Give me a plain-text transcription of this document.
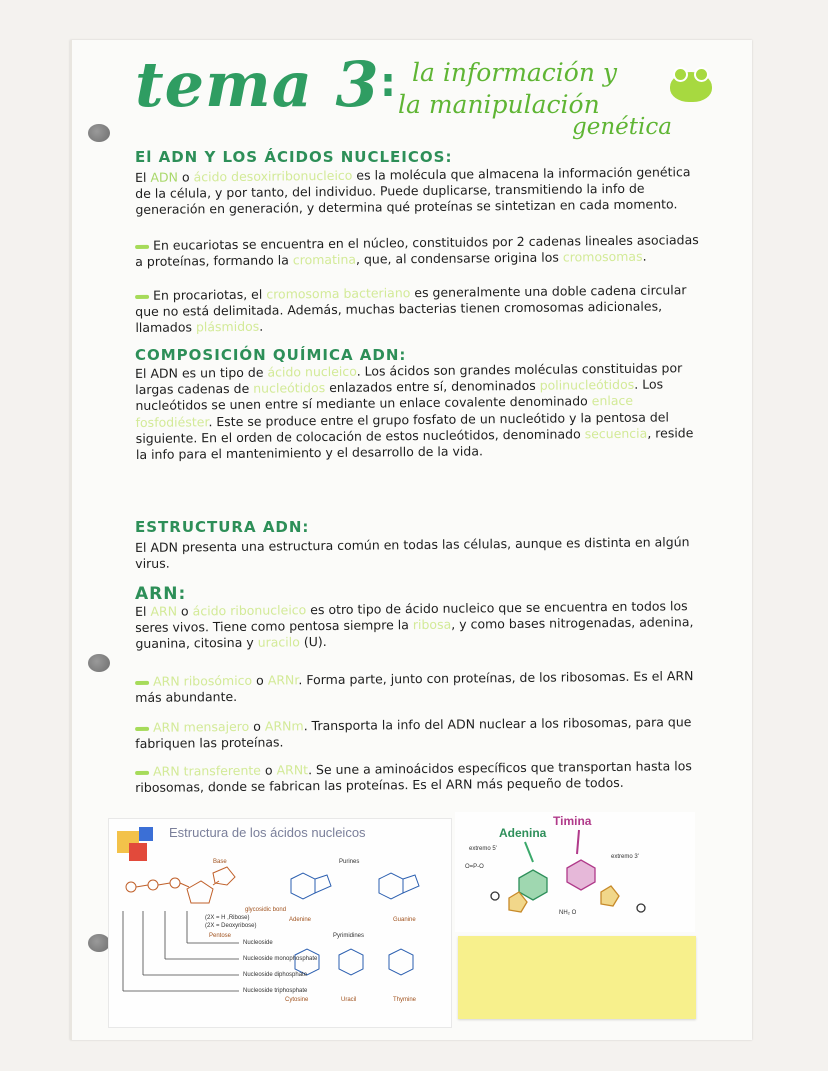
tema 3 : la información y
la manipulación
genética
El ADN Y LOS ÁCIDOS NUCLEICOS:
El ADN o ácido desoxirribonucleico es la molécula que almacena la información genética de la célula, y por tanto, del individuo. Puede duplicarse, transmitiendo la info de generación en generación, y determina qué proteínas se sintetizan en cada momento.
En eucariotas se encuentra en el núcleo, constituidos por 2 cadenas lineales asociadas a proteínas, formando la cromatina, que, al condensarse origina los cromosomas.
En procariotas, el cromosoma bacteriano es generalmente una doble cadena circular que no está delimitada. Además, muchas bacterias tienen cromosomas adicionales, llamados plásmidos.
COMPOSICIÓN QUÍMICA ADN:
El ADN es un tipo de ácido nucleico. Los ácidos son grandes moléculas constituidas por largas cadenas de nucleótidos enlazados entre sí, denominados polinucleótidos. Los nucleótidos se unen entre sí mediante un enlace covalente denominado enlace fosfodiéster. Este se produce entre el grupo fosfato de un nucleótido y la pentosa del siguiente. En el orden de colocación de estos nucleótidos, denominado secuencia, reside la info para el mantenimiento y el desarrollo de la vida.
ESTRUCTURA ADN:
El ADN presenta una estructura común en todas las células, aunque es distinta en algún virus.
ARN:
El ARN o ácido ribonucleico es otro tipo de ácido nucleico que se encuentra en todos los seres vivos. Tiene como pentosa siempre la ribosa, y como bases nitrogenadas, adenina, guanina, citosina y uracilo (U).
ARN ribosómico o ARNr. Forma parte, junto con proteínas, de los ribosomas. Es el ARN más abundante.
ARN mensajero o ARNm. Transporta la info del ADN nuclear a los ribosomas, para que fabriquen las proteínas.
ARN transferente o ARNt. Se une a aminoácidos específicos que transportan hasta los ribosomas, donde se fabrican las proteínas. Es el ARN más pequeño de todos.
Estructura de los ácidos nucleicos
Purines
Pyrimidines
Adenine	Guanine
Cytosine	Uracil	Thymine
Base
glycosidic bond
(2X = H ,Ribose)
(2X = Deoxyribose)
Pentose
Nucleoside
Nucleoside monophosphate
Nucleoside diphosphate
Nucleoside triphosphate
Adenina
Timina
extremo 5'
extremo 3'
O=P-O
NH₂ O
